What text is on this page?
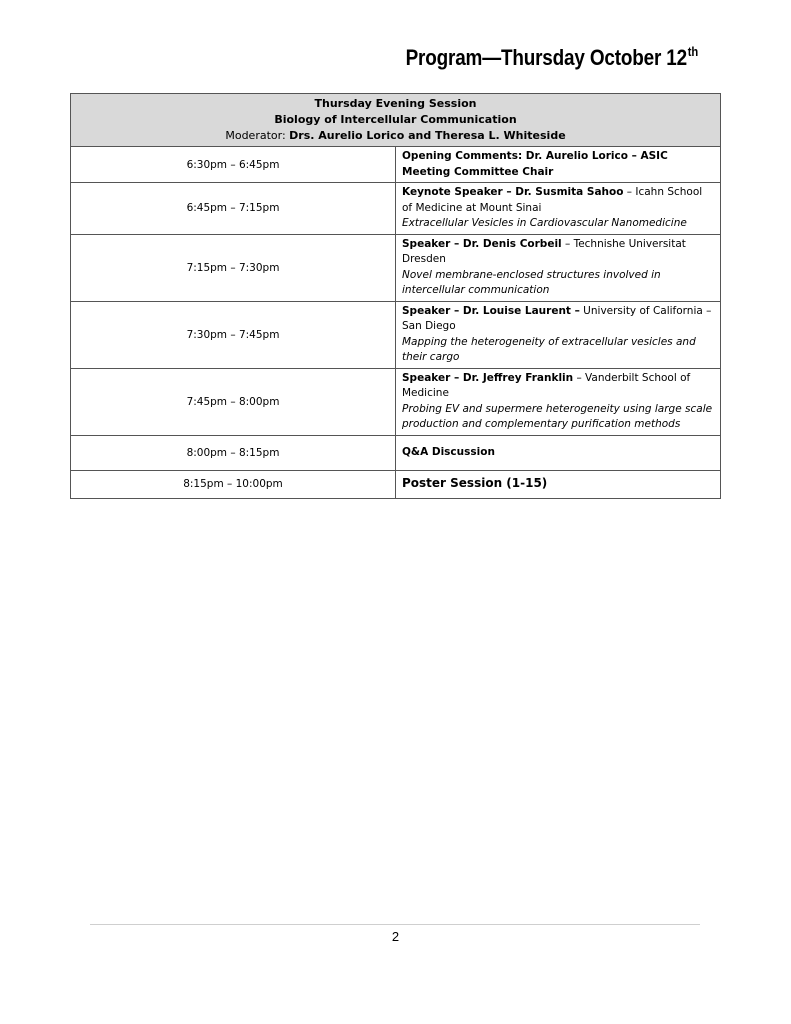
Program—Thursday October 12th
Thursday Evening Session
Biology of Intercellular Communication
Moderator: Drs. Aurelio Lorico and Theresa L. Whiteside	

6:30pm – 6:45pm	Opening Comments: Dr. Aurelio Lorico – ASIC Meeting Committee Chair
6:45pm – 7:15pm	Keynote Speaker – Dr. Susmita Sahoo – Icahn School of Medicine at Mount Sinai
Extracellular Vesicles in Cardiovascular Nanomedicine
7:15pm – 7:30pm	Speaker – Dr. Denis Corbeil – Technishe Universitat Dresden
Novel membrane-enclosed structures involved in intercellular communication
7:30pm – 7:45pm	Speaker – Dr. Louise Laurent – University of California – San Diego
Mapping the heterogeneity of extracellular vesicles and their cargo
7:45pm – 8:00pm	Speaker – Dr. Jeffrey Franklin – Vanderbilt School of Medicine
Probing EV and supermere heterogeneity using large scale production and complementary purification methods
8:00pm – 8:15pm	Q&A Discussion
8:15pm – 10:00pm	Poster Session (1-15)
2
